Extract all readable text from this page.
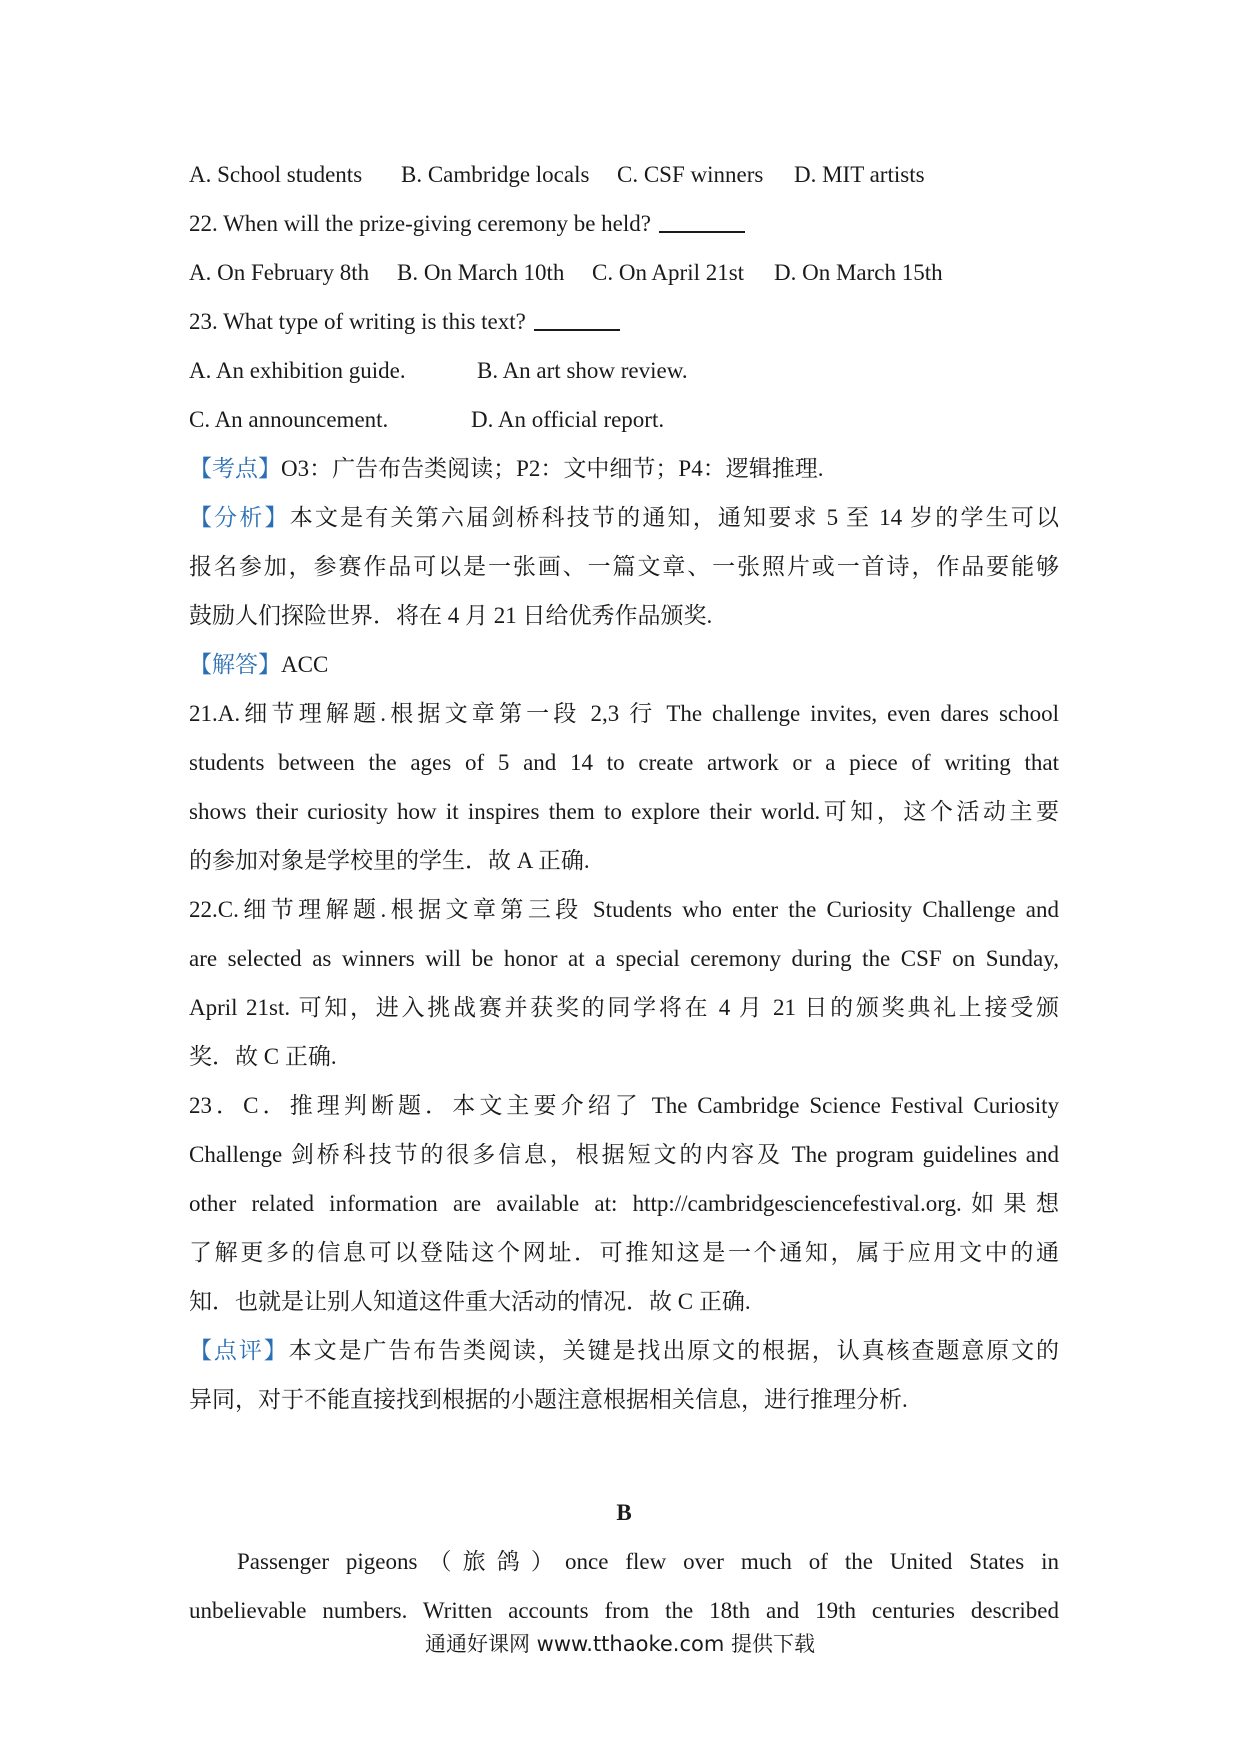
A. School students B. Cambridge locals C. CSF winners D. MIT artists
22. When will the prize-giving ceremony be held?
A. On February 8th B. On March 10th C. On April 21st D. On March 15th
23. What type of writing is this text?
A. An exhibition guide.	B. An art show review.
C. An announcement.	D. An official report.
【考点】O3：广告布告类阅读；P2：文中细节；P4：逻辑推理.
【分析】本文是有关第六届剑桥科技节的通知，通知要求 5 至 14 岁的学生可以
报名参加，参赛作品可以是一张画、一篇文章、一张照片或一首诗，作品要能够
鼓励人们探险世界．将在 4 月 21 日给优秀作品颁奖.
【解答】ACC
21.A.细节理解题.根据文章第一段 2,3 行 The challenge invites, even dares school
students between the ages of 5 and 14 to create artwork or a piece of writing that
shows their curiosity how it inspires them to explore their world.可知，这个活动主要
的参加对象是学校里的学生．故 A 正确.
22.C.细节理解题.根据文章第三段 Students who enter the Curiosity Challenge and
are selected as winners will be honor at a special ceremony during the CSF on Sunday,
April 21st. 可知，进入挑战赛并获奖的同学将在 4 月 21 日的颁奖典礼上接受颁
奖．故 C 正确.
23．C．推理判断题．本文主要介绍了 The Cambridge Science Festival Curiosity
Challenge 剑桥科技节的很多信息，根据短文的内容及 The program guidelines and
other related information are available at: http://cambridgesciencefestival.org.如果想
了解更多的信息可以登陆这个网址．可推知这是一个通知，属于应用文中的通
知．也就是让别人知道这件重大活动的情况．故 C 正确.
【点评】本文是广告布告类阅读，关键是找出原文的根据，认真核查题意原文的
异同，对于不能直接找到根据的小题注意根据相关信息，进行推理分析.
B
Passenger pigeons（旅鸽）once flew over much of the United States in
unbelievable numbers. Written accounts from the 18th and 19th centuries described
通通好课网 www.tthaoke.com 提供下载
